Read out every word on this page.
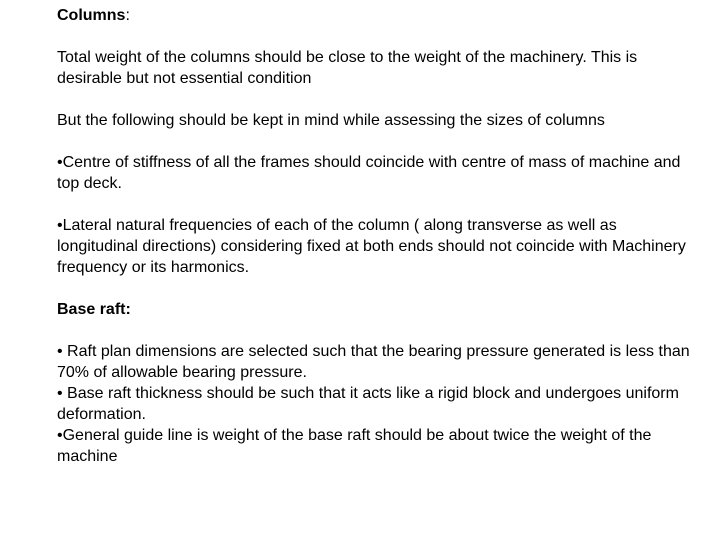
Columns:

Total weight of the columns should be close to the weight of the machinery. This is desirable but not essential condition

But the following should be kept in mind while assessing the sizes of columns

•Centre of stiffness of all the frames should coincide with centre of mass of machine and top deck.

•Lateral natural frequencies of each of the column ( along transverse as well as longitudinal directions) considering fixed at both ends should not coincide with Machinery frequency or its harmonics.

Base raft:

• Raft plan dimensions are selected such that the bearing pressure generated is less than 70% of allowable bearing pressure.

• Base raft thickness should be such that it acts like a rigid block and undergoes uniform deformation.

•General guide line is weight of the base raft should be about twice the weight of the machine
